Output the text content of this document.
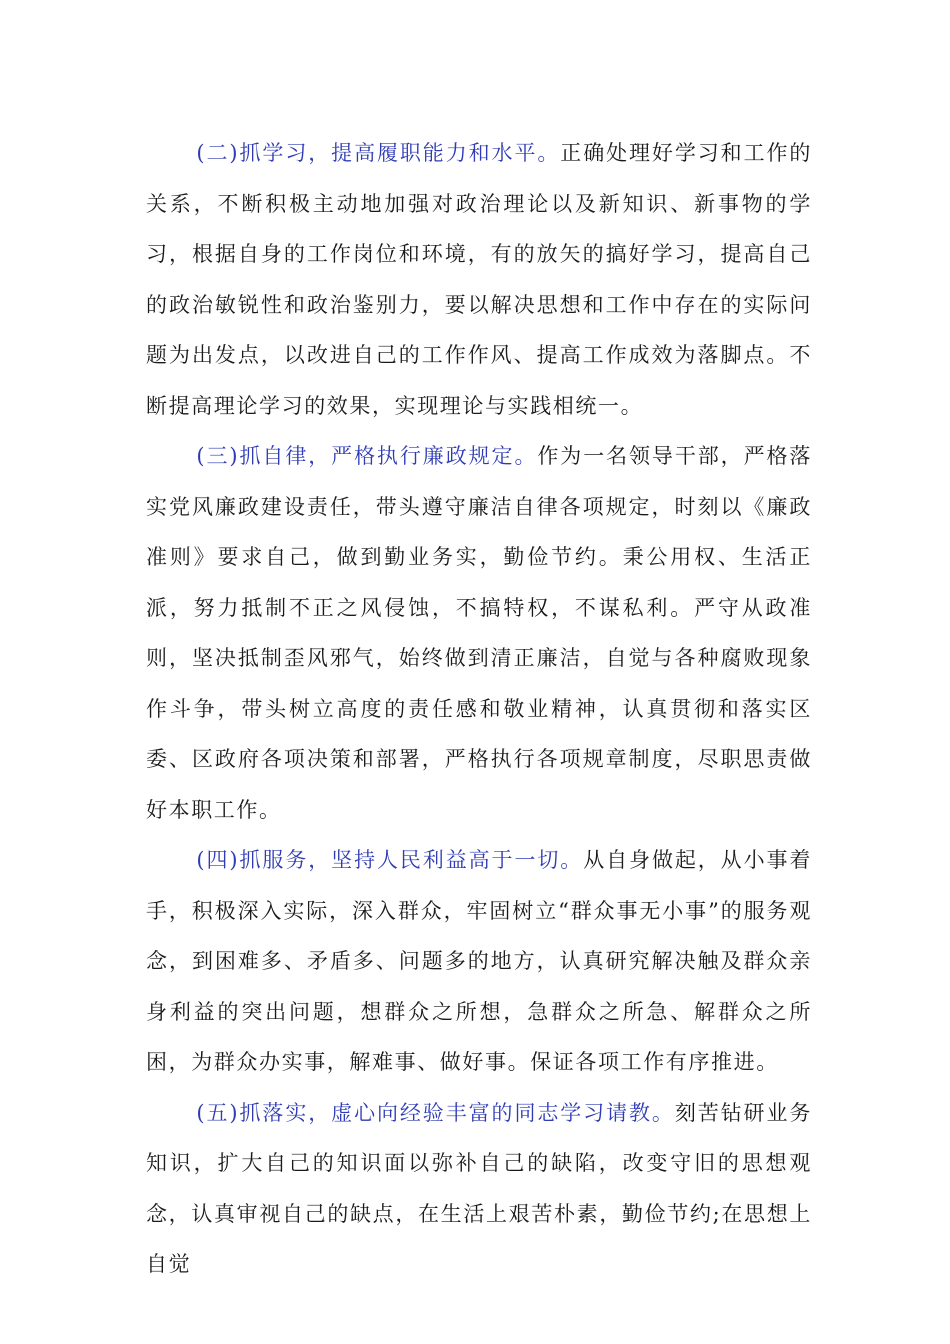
(二)抓学习，提高履职能力和水平。正确处理好学习和工作的关系，不断积极主动地加强对政治理论以及新知识、新事物的学习，根据自身的工作岗位和环境，有的放矢的搞好学习，提高自己的政治敏锐性和政治鉴别力，要以解决思想和工作中存在的实际问题为出发点，以改进自己的工作作风、提高工作成效为落脚点。不断提高理论学习的效果，实现理论与实践相统一。

(三)抓自律，严格执行廉政规定。作为一名领导干部，严格落实党风廉政建设责任，带头遵守廉洁自律各项规定，时刻以《廉政准则》要求自己，做到勤业务实，勤俭节约。秉公用权、生活正派，努力抵制不正之风侵蚀，不搞特权，不谋私利。严守从政准则，坚决抵制歪风邪气，始终做到清正廉洁，自觉与各种腐败现象作斗争，带头树立高度的责任感和敬业精神，认真贯彻和落实区委、区政府各项决策和部署，严格执行各项规章制度，尽职思责做好本职工作。

(四)抓服务，坚持人民利益高于一切。从自身做起，从小事着手，积极深入实际，深入群众，牢固树立“群众事无小事”的服务观念，到困难多、矛盾多、问题多的地方，认真研究解决触及群众亲身利益的突出问题，想群众之所想，急群众之所急、解群众之所困，为群众办实事，解难事、做好事。保证各项工作有序推进。

(五)抓落实，虚心向经验丰富的同志学习请教。刻苦钻研业务知识，扩大自己的知识面以弥补自己的缺陷，改变守旧的思想观念，认真审视自己的缺点，在生活上艰苦朴素，勤俭节约;在思想上自觉
